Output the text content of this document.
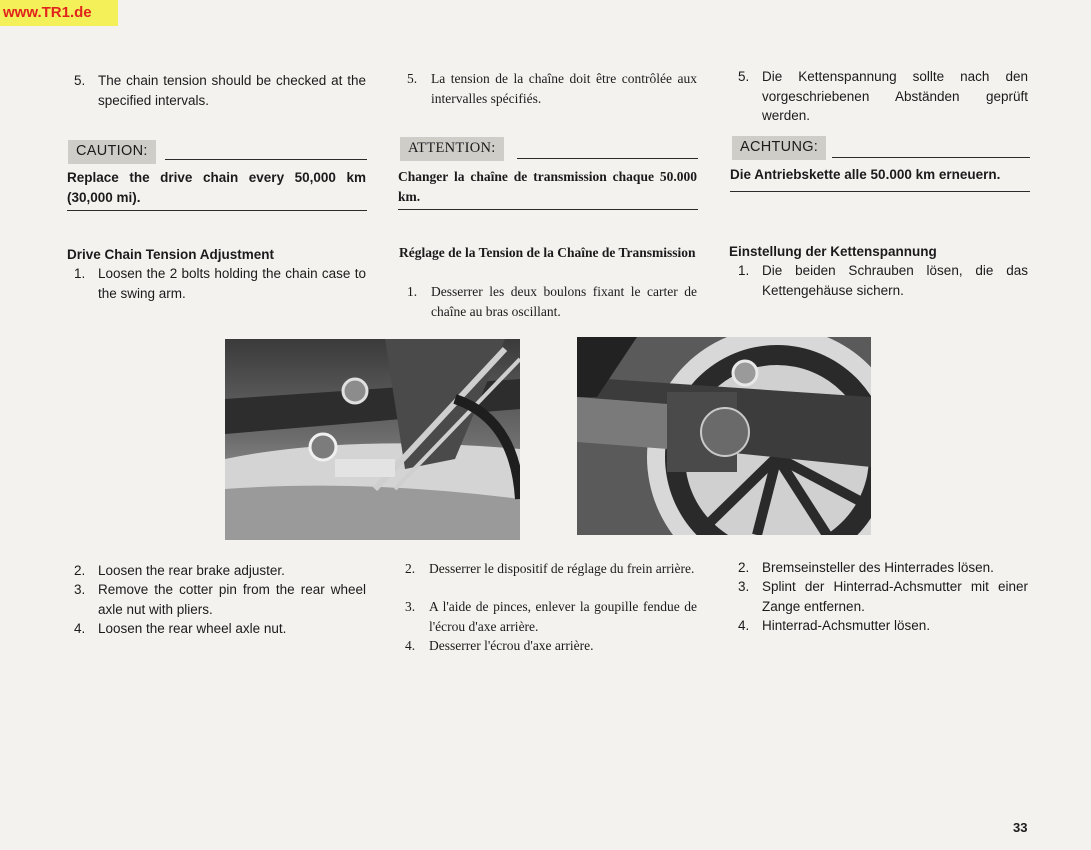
www.TR1.de
5. The chain tension should be checked at the specified intervals.
CAUTION:
Replace the drive chain every 50,000 km (30,000 mi).
Drive Chain Tension Adjustment
1. Loosen the 2 bolts holding the chain case to the swing arm.
2. Loosen the rear brake adjuster.
3. Remove the cotter pin from the rear wheel axle nut with pliers.
4. Loosen the rear wheel axle nut.
5.	La tension de la chaîne doit être contrôlée aux intervalles spécifiés.
ATTENTION:
Changer la chaîne de transmission chaque 50.000 km.
Réglage de la Tension de la Chaîne de Transmission
1.	Desserrer les deux boulons fixant le carter de chaîne au bras oscillant.
2.	Desserrer le dispositif de réglage du frein arrière.
3.	A l'aide de pinces, enlever la goupille fendue de l'écrou d'axe arrière.
4.	Desserrer l'écrou d'axe arrière.
5. Die Kettenspannung sollte nach den vorgeschriebenen Abständen geprüft werden.
ACHTUNG:
Die Antriebskette alle 50.000 km erneuern.
Einstellung der Kettenspannung
1. Die beiden Schrauben lösen, die das Kettengehäuse sichern.
2. Bremseinsteller des Hinterrades lösen.
3. Splint der Hinterrad-Achsmutter mit einer Zange entfernen.
4. Hinterrad-Achsmutter lösen.
33
